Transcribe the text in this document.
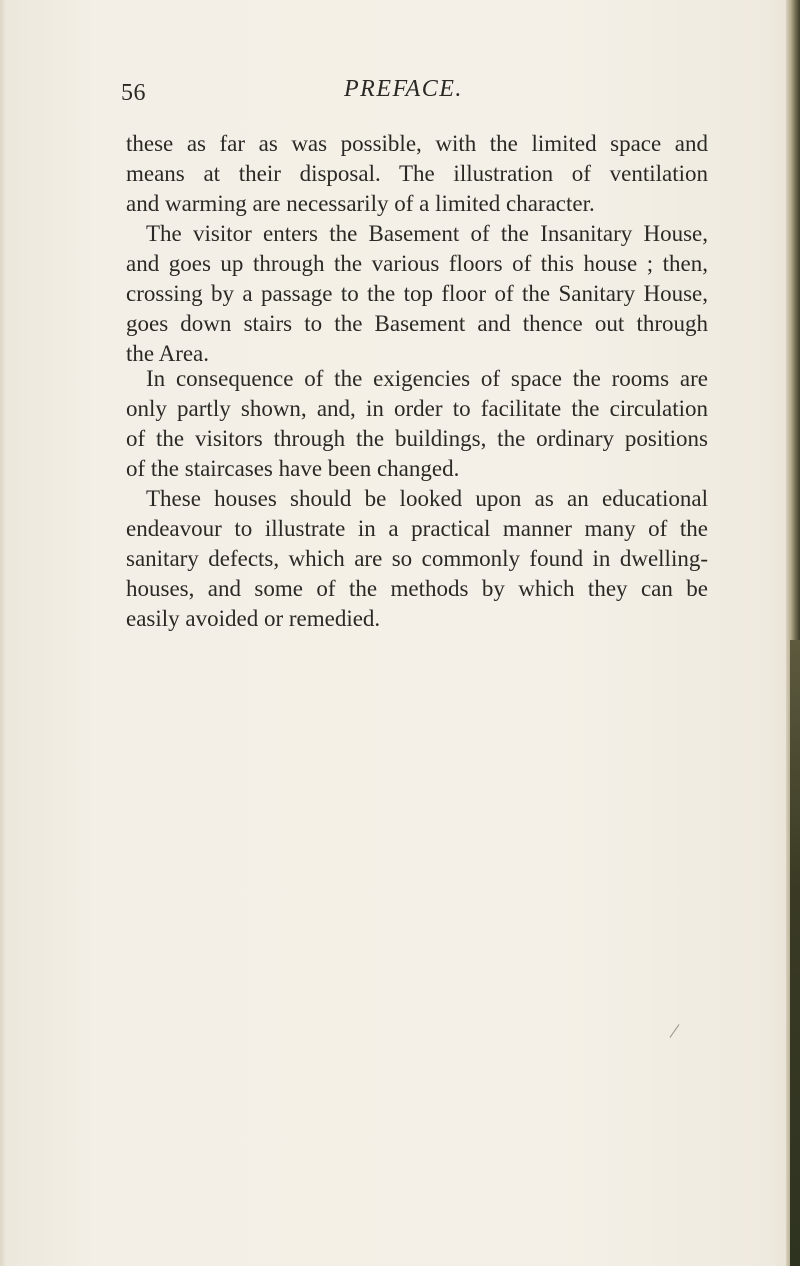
56	PREFACE.
these as far as was possible, with the limited space and
means at their disposal. The illustration of ventilation
and warming are necessarily of a limited character.
The visitor enters the Basement of the Insanitary House,
and goes up through the various floors of this house ; then,
crossing by a passage to the top floor of the Sanitary House,
goes down stairs to the Basement and thence out through
the Area.
In consequence of the exigencies of space the rooms are
only partly shown, and, in order to facilitate the circulation
of the visitors through the buildings, the ordinary positions
of the staircases have been changed.
These houses should be looked upon as an educational
endeavour to illustrate in a practical manner many of the
sanitary defects, which are so commonly found in dwelling-
houses, and some of the methods by which they can be
easily avoided or remedied.
